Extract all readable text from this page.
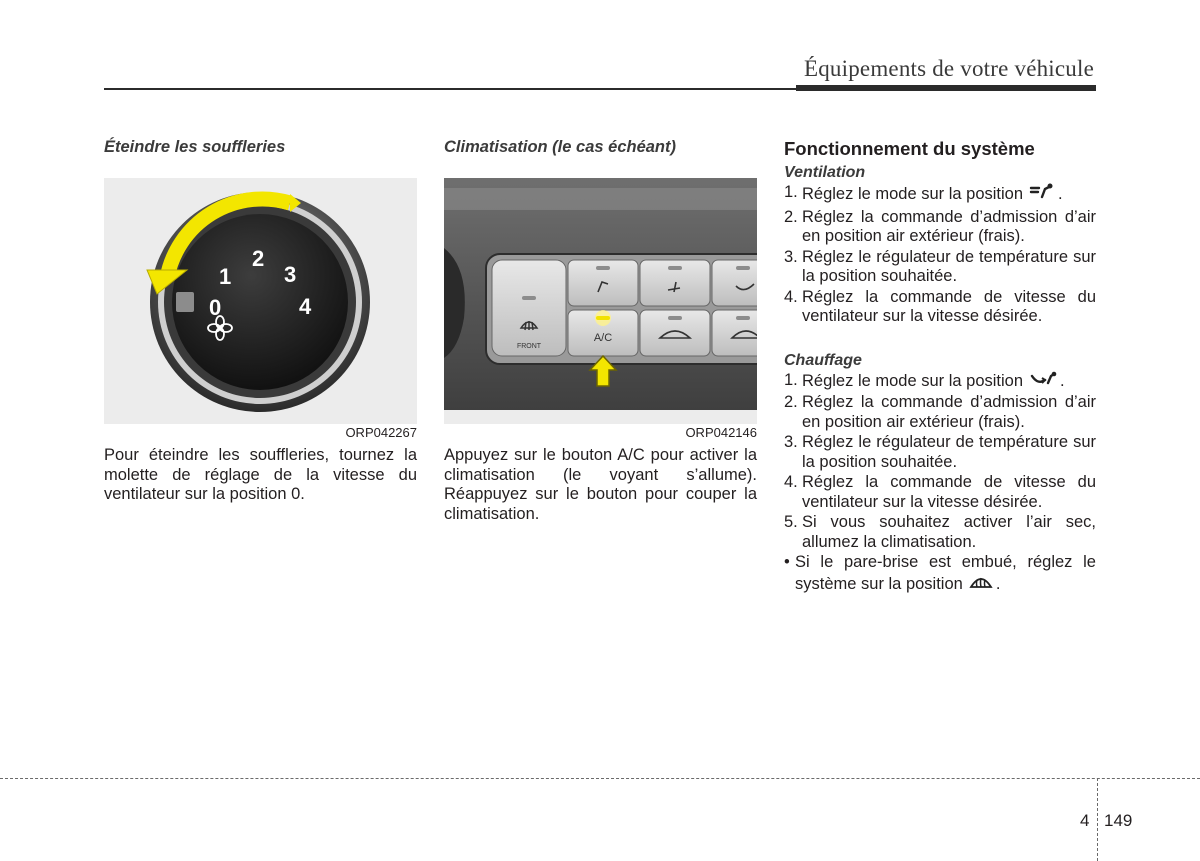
Équipements de votre véhicule

Éteindre les souffleries

0
1
2
3
4
ORP042267
Pour éteindre les souffleries, tournez la molette de réglage de la vitesse du ventilateur sur la position 0.

Climatisation (le cas échéant)

FRONT
A/C
ORP042146
Appuyez sur le bouton A/C pour activer la climatisation (le voyant s’allume). Réappuyez sur le bouton pour couper la climatisation.

Fonctionnement du système

Ventilation
1. Réglez le mode sur la position .
2. Réglez la commande d’admission d’air en position air extérieur (frais).
3. Réglez le régulateur de température sur la position souhaitée.
4. Réglez la commande de vitesse du ventilateur sur la vitesse désirée.
Chauffage
1. Réglez le mode sur la position .
2. Réglez la commande d’admission d’air en position air extérieur (frais).
3. Réglez le régulateur de température sur la position souhaitée.
4. Réglez la commande de vitesse du ventilateur sur la vitesse désirée.
5. Si vous souhaitez activer l’air sec, allumez la climatisation.
• Si le pare-brise est embué, réglez le système sur la position .
4 149
